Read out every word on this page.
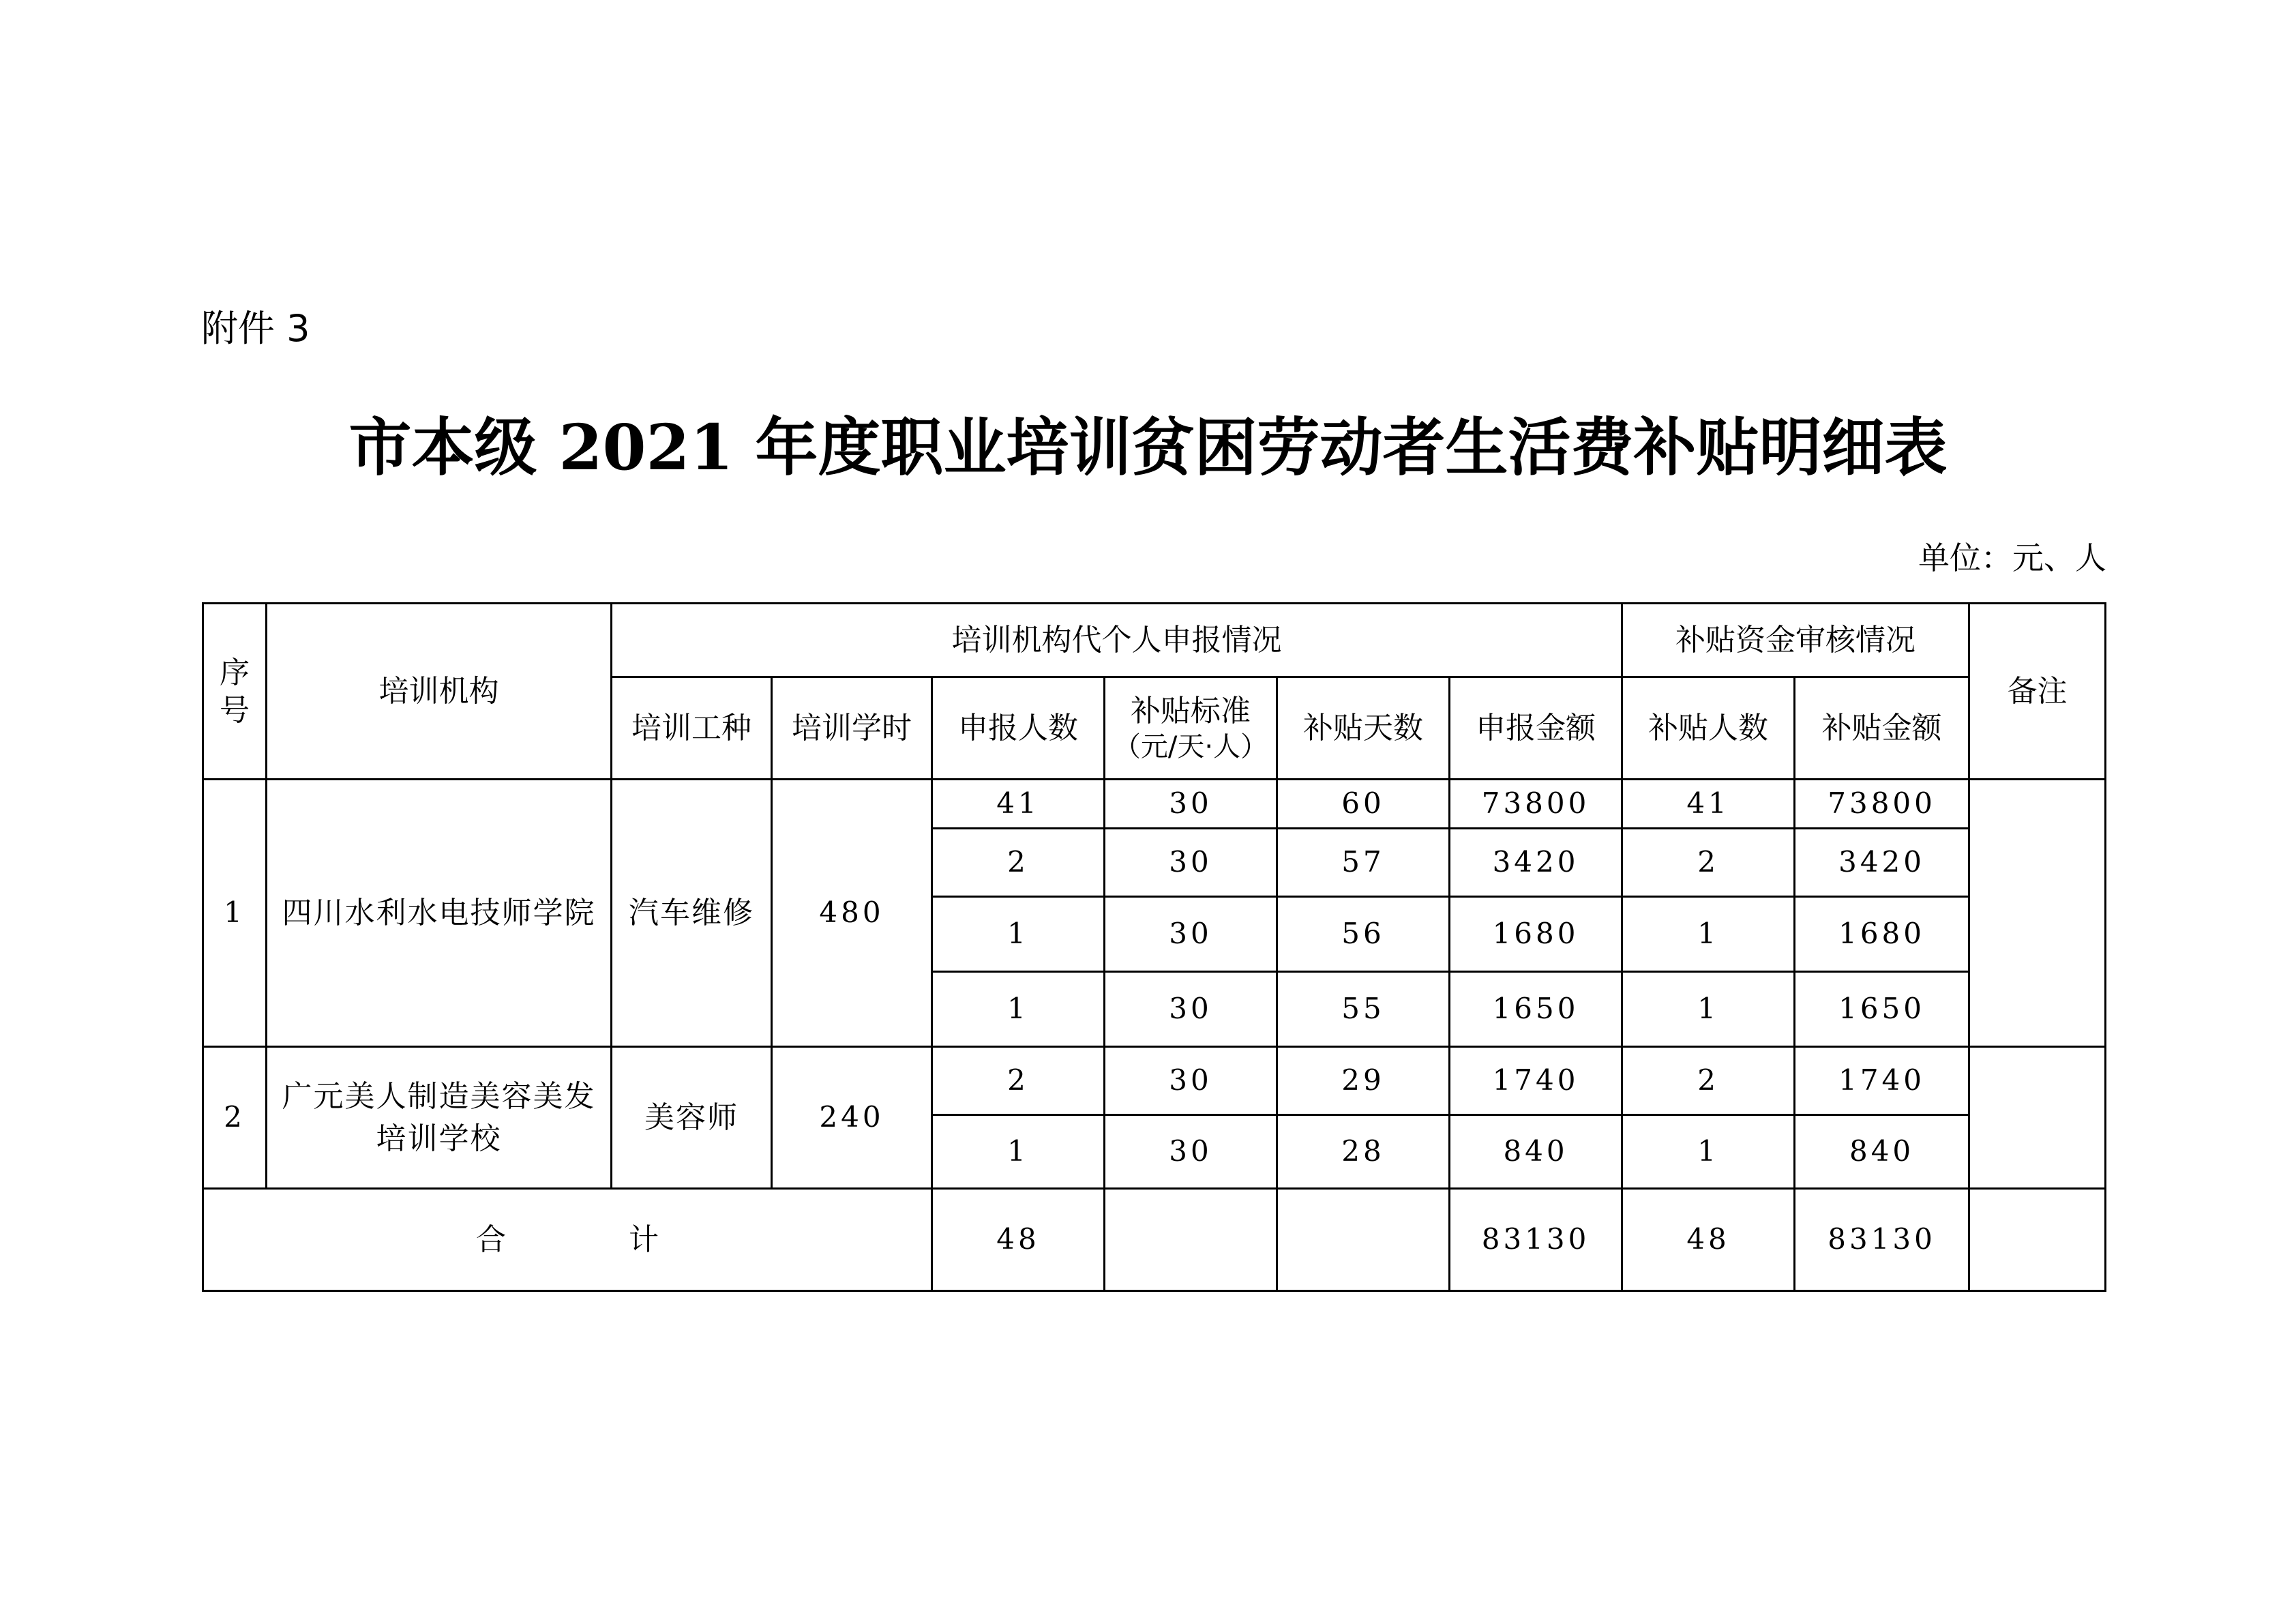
附件 3

市本级 2021 年度职业培训贫困劳动者生活费补贴明细表

单位：元、人

序号	培训机构	培训机构代个人申报情况						补贴资金审核情况		备注
		培训工种	培训学时	申报人数	补贴标准
（元/天·人）	补贴天数	申报金额	补贴人数	补贴金额	
1	四川水利水电技师学院	汽车维修	480	41	30	60	73800	41	73800	
				2	30	57	3420	2	3420	
				1	30	56	1680	1	1680	
				1	30	55	1650	1	1650	
2	广元美人制造美容美发培训学校	美容师	240	2	30	29	1740	2	1740	
				1	30	28	840	1	840	
合 计				48			83130	48	83130	
